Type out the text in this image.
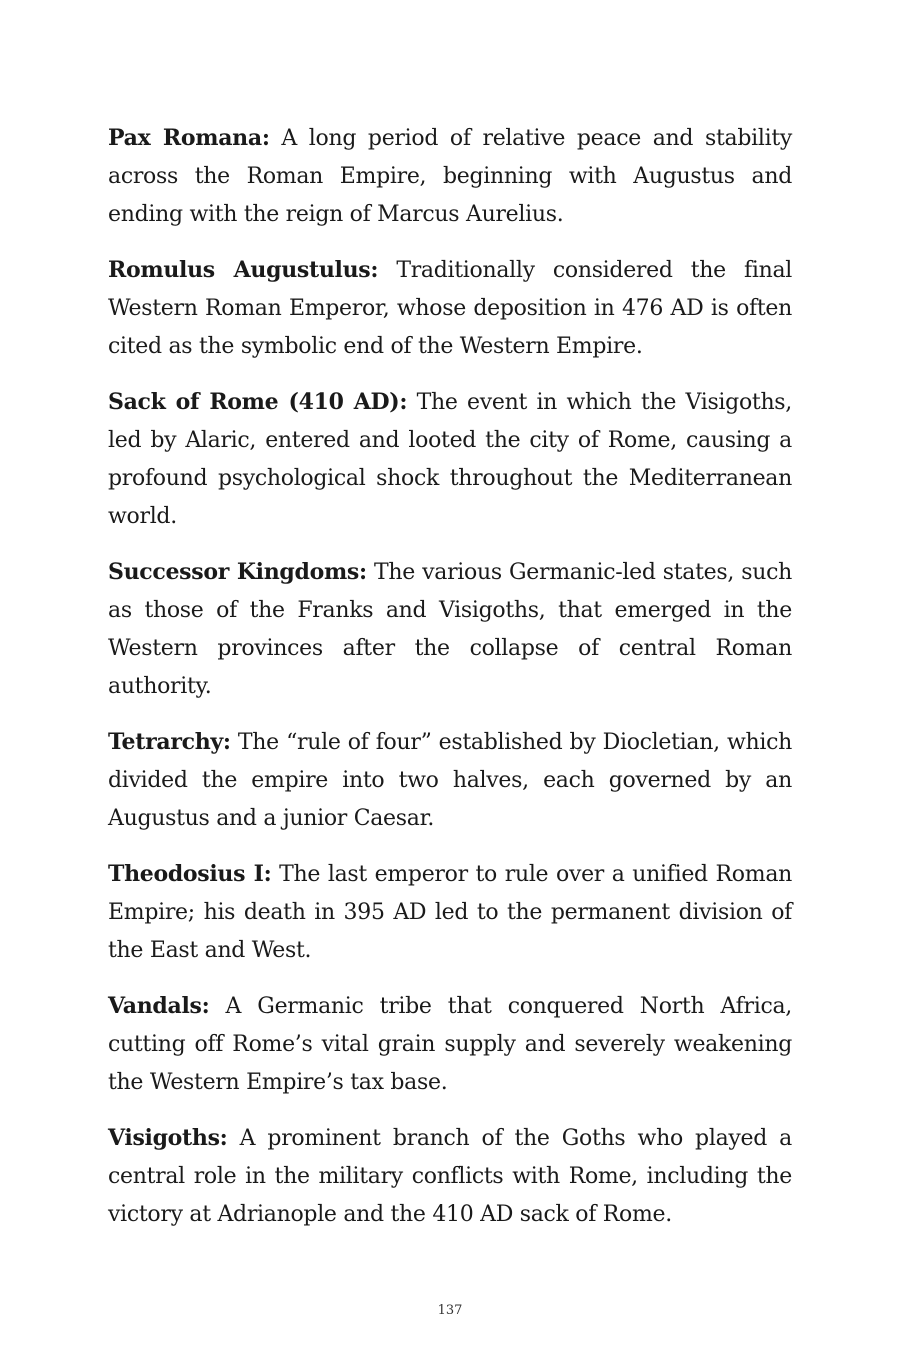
Pax Romana: A long period of relative peace and stability across the Roman Empire, beginning with Augustus and ending with the reign of Marcus Aurelius.

Romulus Augustulus: Traditionally considered the final Western Roman Emperor, whose deposition in 476 AD is often cited as the symbolic end of the Western Empire.

Sack of Rome (410 AD): The event in which the Visigoths, led by Alaric, entered and looted the city of Rome, causing a profound psychological shock throughout the Mediterranean world.

Successor Kingdoms: The various Germanic-led states, such as those of the Franks and Visigoths, that emerged in the Western provinces after the collapse of central Roman authority.

Tetrarchy: The “rule of four” established by Diocletian, which divided the empire into two halves, each governed by an Augustus and a junior Caesar.

Theodosius I: The last emperor to rule over a unified Roman Empire; his death in 395 AD led to the permanent division of the East and West.

Vandals: A Germanic tribe that conquered North Africa, cutting off Rome’s vital grain supply and severely weakening the Western Empire’s tax base.

Visigoths: A prominent branch of the Goths who played a central role in the military conflicts with Rome, including the victory at Adrianople and the 410 AD sack of Rome.

137
